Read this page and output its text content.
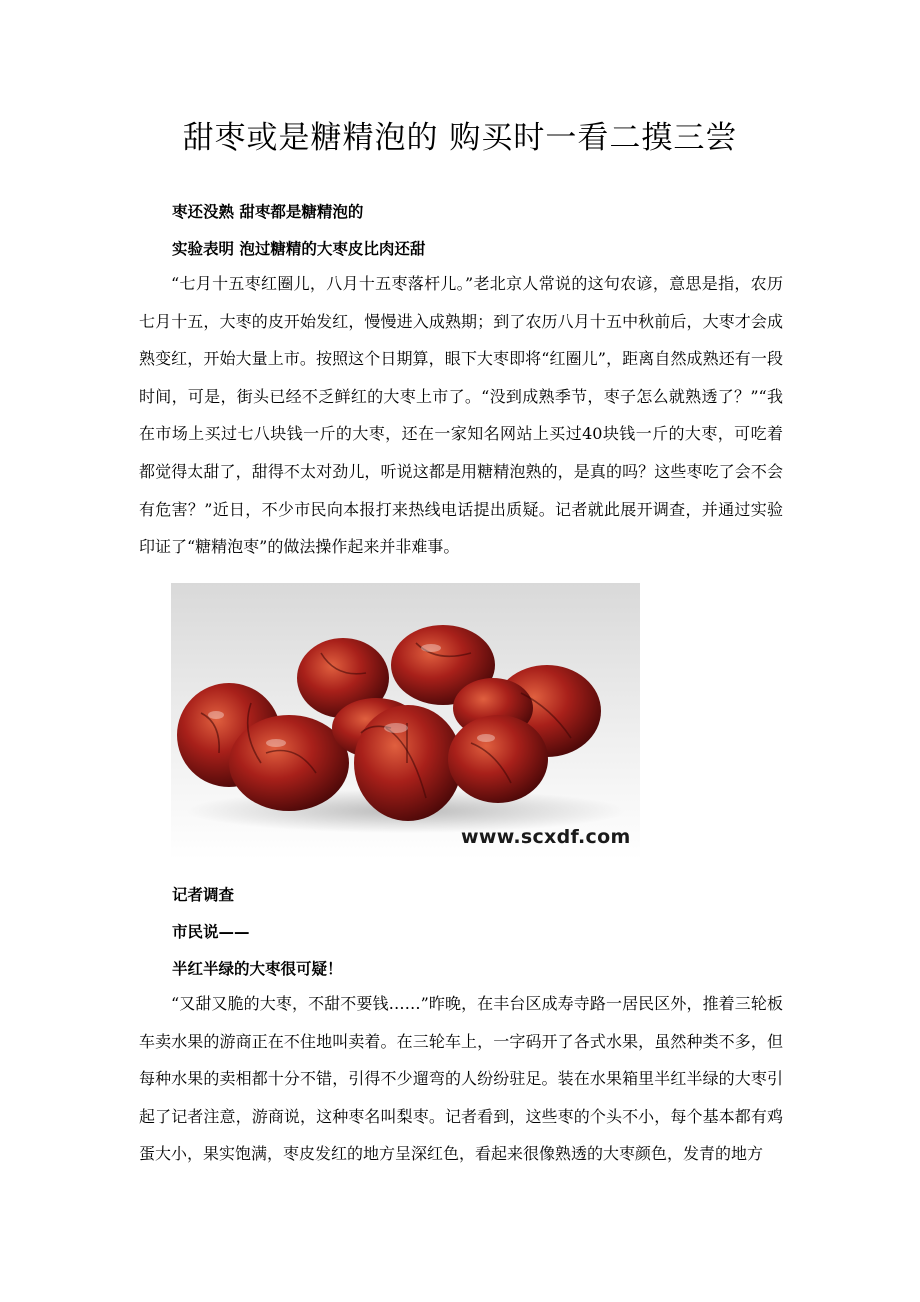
甜枣或是糖精泡的 购买时一看二摸三尝

枣还没熟 甜枣都是糖精泡的

实验表明 泡过糖精的大枣皮比肉还甜

“七月十五枣红圈儿，八月十五枣落杆儿。”老北京人常说的这句农谚，意思是指，农历七月十五，大枣的皮开始发红，慢慢进入成熟期；到了农历八月十五中秋前后，大枣才会成熟变红，开始大量上市。按照这个日期算，眼下大枣即将“红圈儿”，距离自然成熟还有一段时间，可是，街头已经不乏鲜红的大枣上市了。“没到成熟季节，枣子怎么就熟透了？”“我在市场上买过七八块钱一斤的大枣，还在一家知名网站上买过40块钱一斤的大枣，可吃着都觉得太甜了，甜得不太对劲儿，听说这都是用糖精泡熟的，是真的吗？这些枣吃了会不会有危害？”近日，不少市民向本报打来热线电话提出质疑。记者就此展开调查，并通过实验印证了“糖精泡枣”的做法操作起来并非难事。

www.scxdf.com

记者调查

市民说——

半红半绿的大枣很可疑！

“又甜又脆的大枣，不甜不要钱……”昨晚，在丰台区成寿寺路一居民区外，推着三轮板车卖水果的游商正在不住地叫卖着。在三轮车上，一字码开了各式水果，虽然种类不多，但每种水果的卖相都十分不错，引得不少遛弯的人纷纷驻足。装在水果箱里半红半绿的大枣引起了记者注意，游商说，这种枣名叫梨枣。记者看到，这些枣的个头不小，每个基本都有鸡蛋大小，果实饱满，枣皮发红的地方呈深红色，看起来很像熟透的大枣颜色，发青的地方
